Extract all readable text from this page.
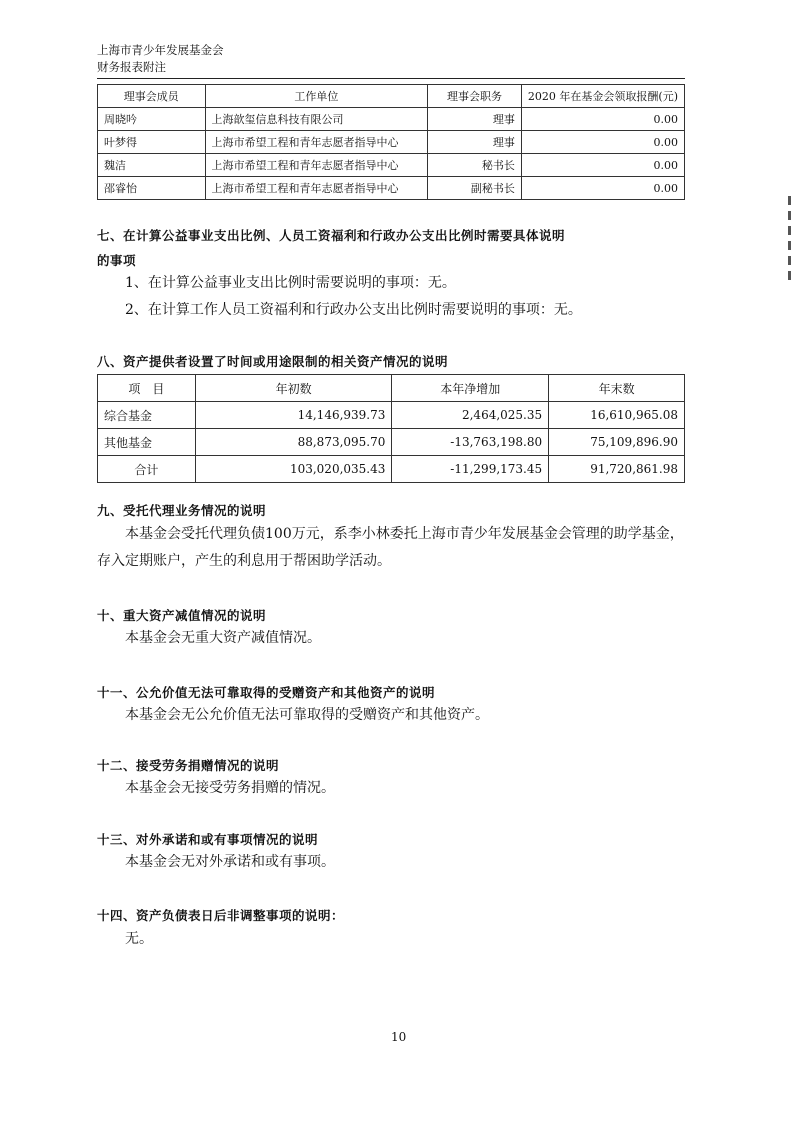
上海市青少年发展基金会
财务报表附注
理事会成员	工作单位	理事会职务	2020 年在基金会领取报酬(元)
周晓吟	上海歆玺信息科技有限公司	理事	0.00
叶梦得	上海市希望工程和青年志愿者指导中心	理事	0.00
魏洁	上海市希望工程和青年志愿者指导中心	秘书长	0.00
邵睿怡	上海市希望工程和青年志愿者指导中心	副秘书长	0.00
七、在计算公益事业支出比例、人员工资福利和行政办公支出比例时需要具体说明
的事项
1、在计算公益事业支出比例时需要说明的事项：无。
2、在计算工作人员工资福利和行政办公支出比例时需要说明的事项：无。
八、资产提供者设置了时间或用途限制的相关资产情况的说明
项　目	年初数	本年净增加	年末数
综合基金	14,146,939.73	2,464,025.35	16,610,965.08
其他基金	88,873,095.70	-13,763,198.80	75,109,896.90
合计	103,020,035.43	-11,299,173.45	91,720,861.98
九、受托代理业务情况的说明
本基金会受托代理负债100万元，系李小林委托上海市青少年发展基金会管理的助学基金，存入定期账户，产生的利息用于帮困助学活动。
十、重大资产减值情况的说明
本基金会无重大资产减值情况。
十一、公允价值无法可靠取得的受赠资产和其他资产的说明
本基金会无公允价值无法可靠取得的受赠资产和其他资产。
十二、接受劳务捐赠情况的说明
本基金会无接受劳务捐赠的情况。
十三、对外承诺和或有事项情况的说明
本基金会无对外承诺和或有事项。
十四、资产负债表日后非调整事项的说明：
无。
10
